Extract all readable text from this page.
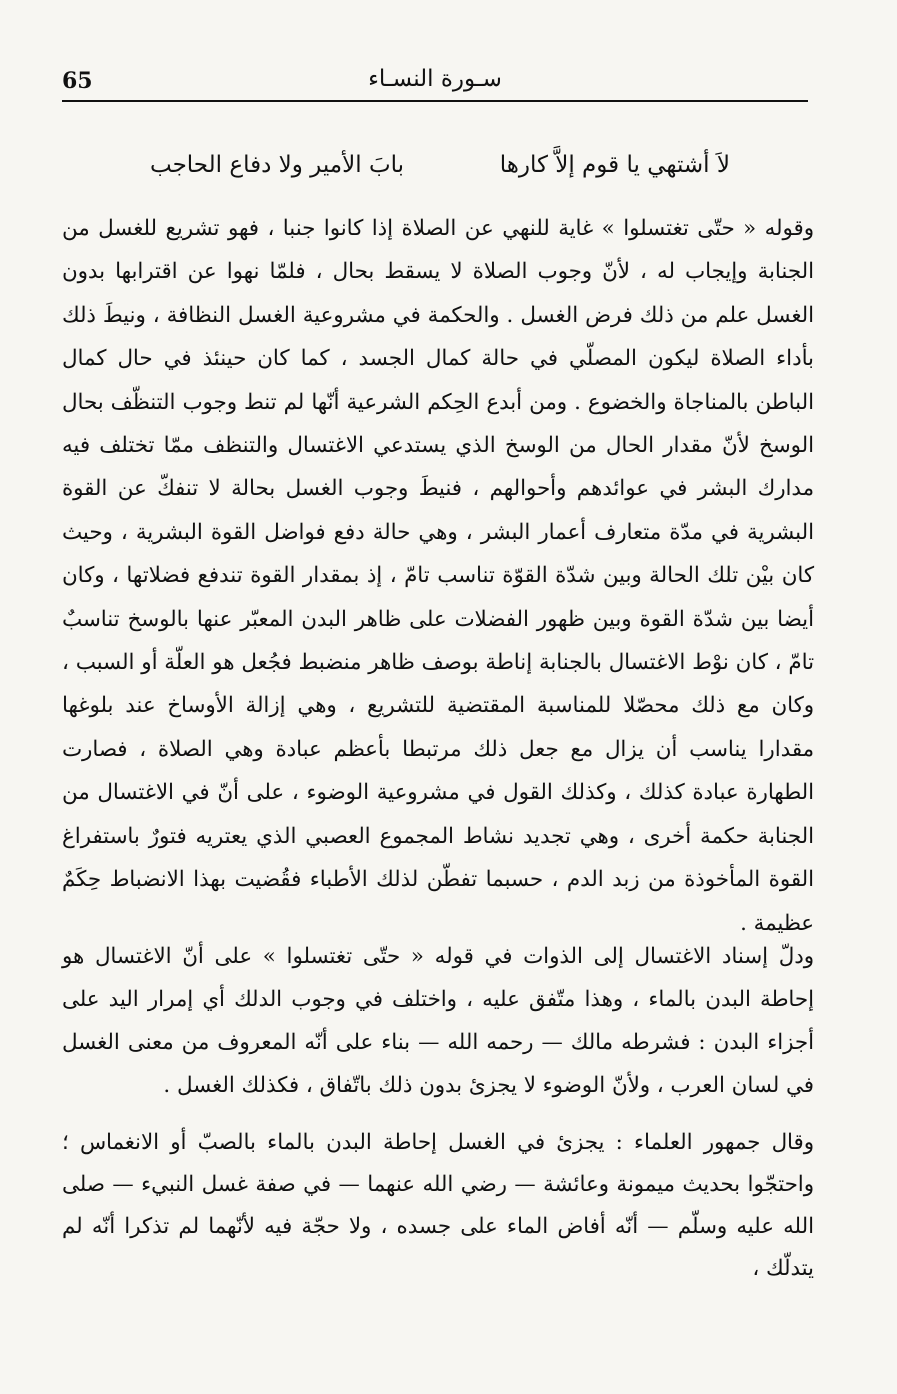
65	سـورة النسـاء
لاَ أشتهي يا قوم إلاَّ كارها
بابَ الأمير ولا دفاع الحاجب

وقوله « حتّى تغتسلوا » غاية للنهي عن الصلاة إذا كانوا جنبا ، فهو تشريع للغسل من الجنابة وإيجاب له ، لأنّ وجوب الصلاة لا يسقط بحال ، فلمّا نهوا عن اقترابها بدون الغسل علم من ذلك فرض الغسل . والحكمة في مشروعية الغسل النظافة ، ونيطَ ذلك بأداء الصلاة ليكون المصلّي في حالة كمال الجسد ، كما كان حينئذ في حال كمال الباطن بالمناجاة والخضوع . ومن أبدع الحِكم الشرعية أنّها لم تنط وجوب التنظّف بحال الوسخ لأنّ مقدار الحال من الوسخ الذي يستدعي الاغتسال والتنظف ممّا تختلف فيه مدارك البشر في عوائدهم وأحوالهم ، فنيطَ وجوب الغسل بحالة لا تنفكّ عن القوة البشرية في مدّة متعارف أعمار البشر ، وهي حالة دفع فواضل القوة البشرية ، وحيث كان بيْن تلك الحالة وبين شدّة القوّة تناسب تامّ ، إذ بمقدار القوة تندفع فضلاتها ، وكان أيضا بين شدّة القوة وبين ظهور الفضلات على ظاهر البدن المعبّر عنها بالوسخ تناسبٌ تامّ ، كان نوْط الاغتسال بالجنابة إناطة بوصف ظاهر منضبط فجُعل هو العلّة أو السبب ، وكان مع ذلك محصّلا للمناسبة المقتضية للتشريع ، وهي إزالة الأوساخ عند بلوغها مقدارا يناسب أن يزال مع جعل ذلك مرتبطا بأعظم عبادة وهي الصلاة ، فصارت الطهارة عبادة كذلك ، وكذلك القول في مشروعية الوضوء ، على أنّ في الاغتسال من الجنابة حكمة أخرى ، وهي تجديد نشاط المجموع العصبي الذي يعتريه فتورٌ باستفراغ القوة المأخوذة من زبد الدم ، حسبما تفطّن لذلك الأطباء فقُضيت بهذا الانضباط حِكَمٌ عظيمة .

ودلّ إسناد الاغتسال إلى الذوات في قوله « حتّى تغتسلوا » على أنّ الاغتسال هو إحاطة البدن بالماء ، وهذا متّفق عليه ، واختلف في وجوب الدلك أي إمرار اليد على أجزاء البدن : فشرطه مالك — رحمه الله — بناء على أنّه المعروف من معنى الغسل في لسان العرب ، ولأنّ الوضوء لا يجزئ بدون ذلك باتّفاق ، فكذلك الغسل .

وقال جمهور العلماء : يجزئ في الغسل إحاطة البدن بالماء بالصبّ أو الانغماس ؛ واحتجّوا بحديث ميمونة وعائشة — رضي الله عنهما — في صفة غسل النبيء — صلى الله عليه وسلّم — أنّه أفاض الماء على جسده ، ولا حجّة فيه لأنّهما لم تذكرا أنّه لم يتدلّك ،
